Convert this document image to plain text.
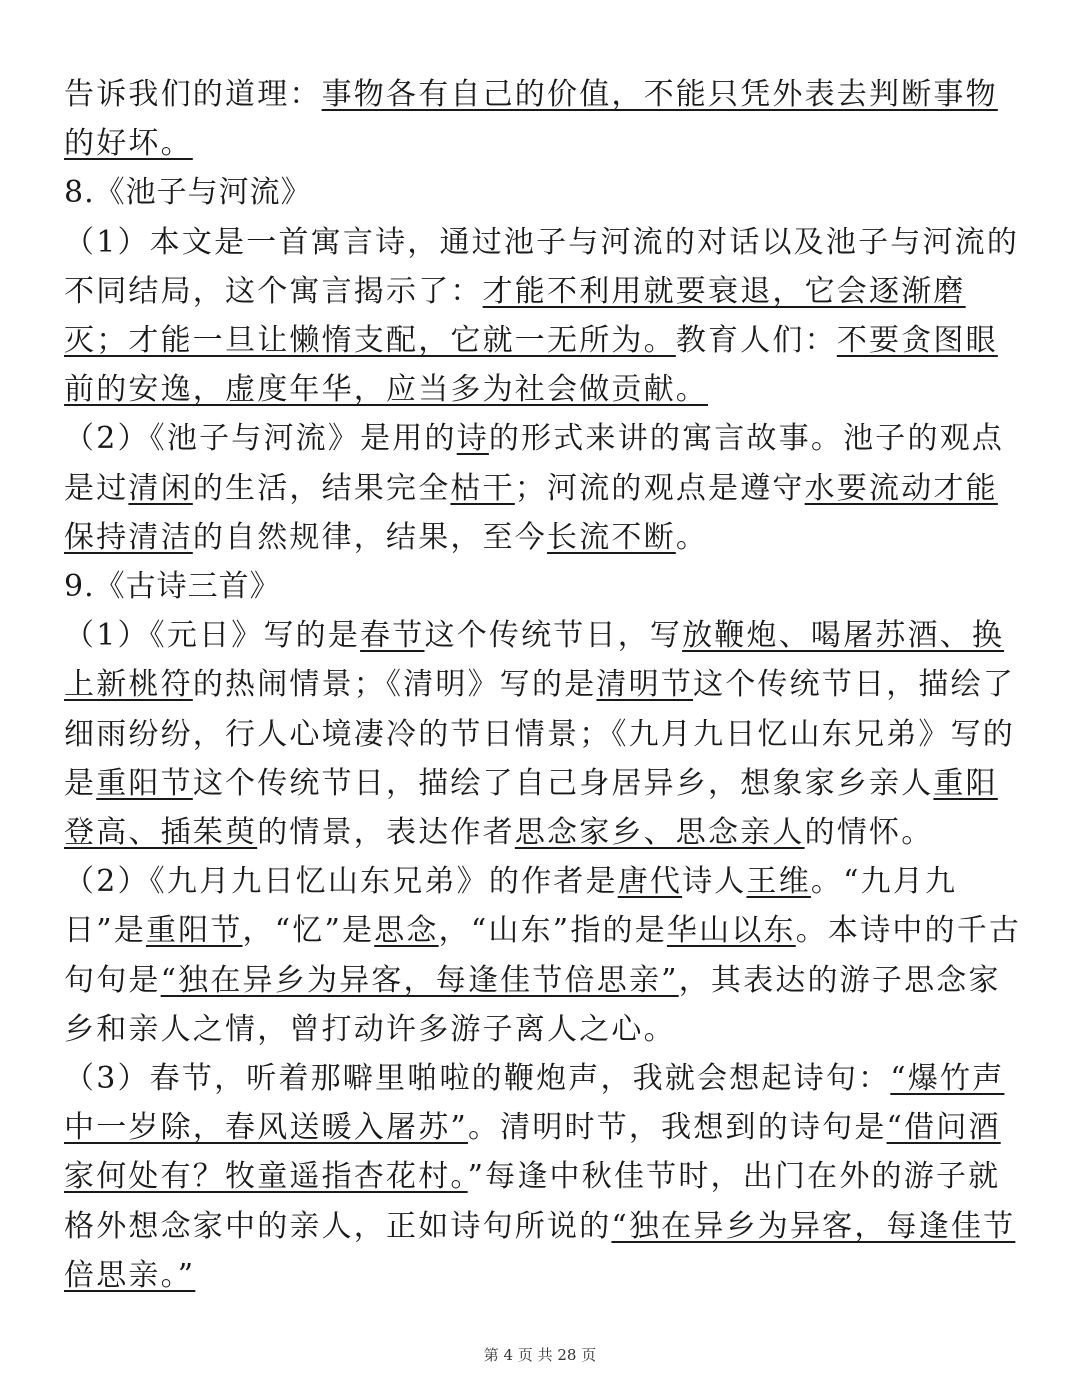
告诉我们的道理：事物各有自己的价值，不能只凭外表去判断事物的好坏。
8.《池子与河流》
（1）本文是一首寓言诗，通过池子与河流的对话以及池子与河流的不同结局，这个寓言揭示了：才能不利用就要衰退，它会逐渐磨灭；才能一旦让懒惰支配，它就一无所为。教育人们：不要贪图眼前的安逸，虚度年华，应当多为社会做贡献。
（2）《池子与河流》是用的诗的形式来讲的寓言故事。池子的观点是过清闲的生活，结果完全枯干；河流的观点是遵守水要流动才能保持清洁的自然规律，结果，至今长流不断。
9.《古诗三首》
（1）《元日》写的是春节这个传统节日，写放鞭炮、喝屠苏酒、换上新桃符的热闹情景；《清明》写的是清明节这个传统节日，描绘了细雨纷纷，行人心境凄冷的节日情景；《九月九日忆山东兄弟》写的是重阳节这个传统节日，描绘了自己身居异乡，想象家乡亲人重阳登高、插茱萸的情景，表达作者思念家乡、思念亲人的情怀。
（2）《九月九日忆山东兄弟》的作者是唐代诗人王维。“九月九日”是重阳节，“忆”是思念，“山东”指的是华山以东。本诗中的千古句句是“独在异乡为异客，每逢佳节倍思亲”，其表达的游子思念家乡和亲人之情，曾打动许多游子离人之心。
（3）春节，听着那噼里啪啦的鞭炮声，我就会想起诗句：“爆竹声中一岁除，春风送暖入屠苏”。清明时节，我想到的诗句是“借问酒家何处有？牧童遥指杏花村。”每逢中秋佳节时，出门在外的游子就格外想念家中的亲人，正如诗句所说的“独在异乡为异客，每逢佳节倍思亲。”
第 4 页 共 28 页
